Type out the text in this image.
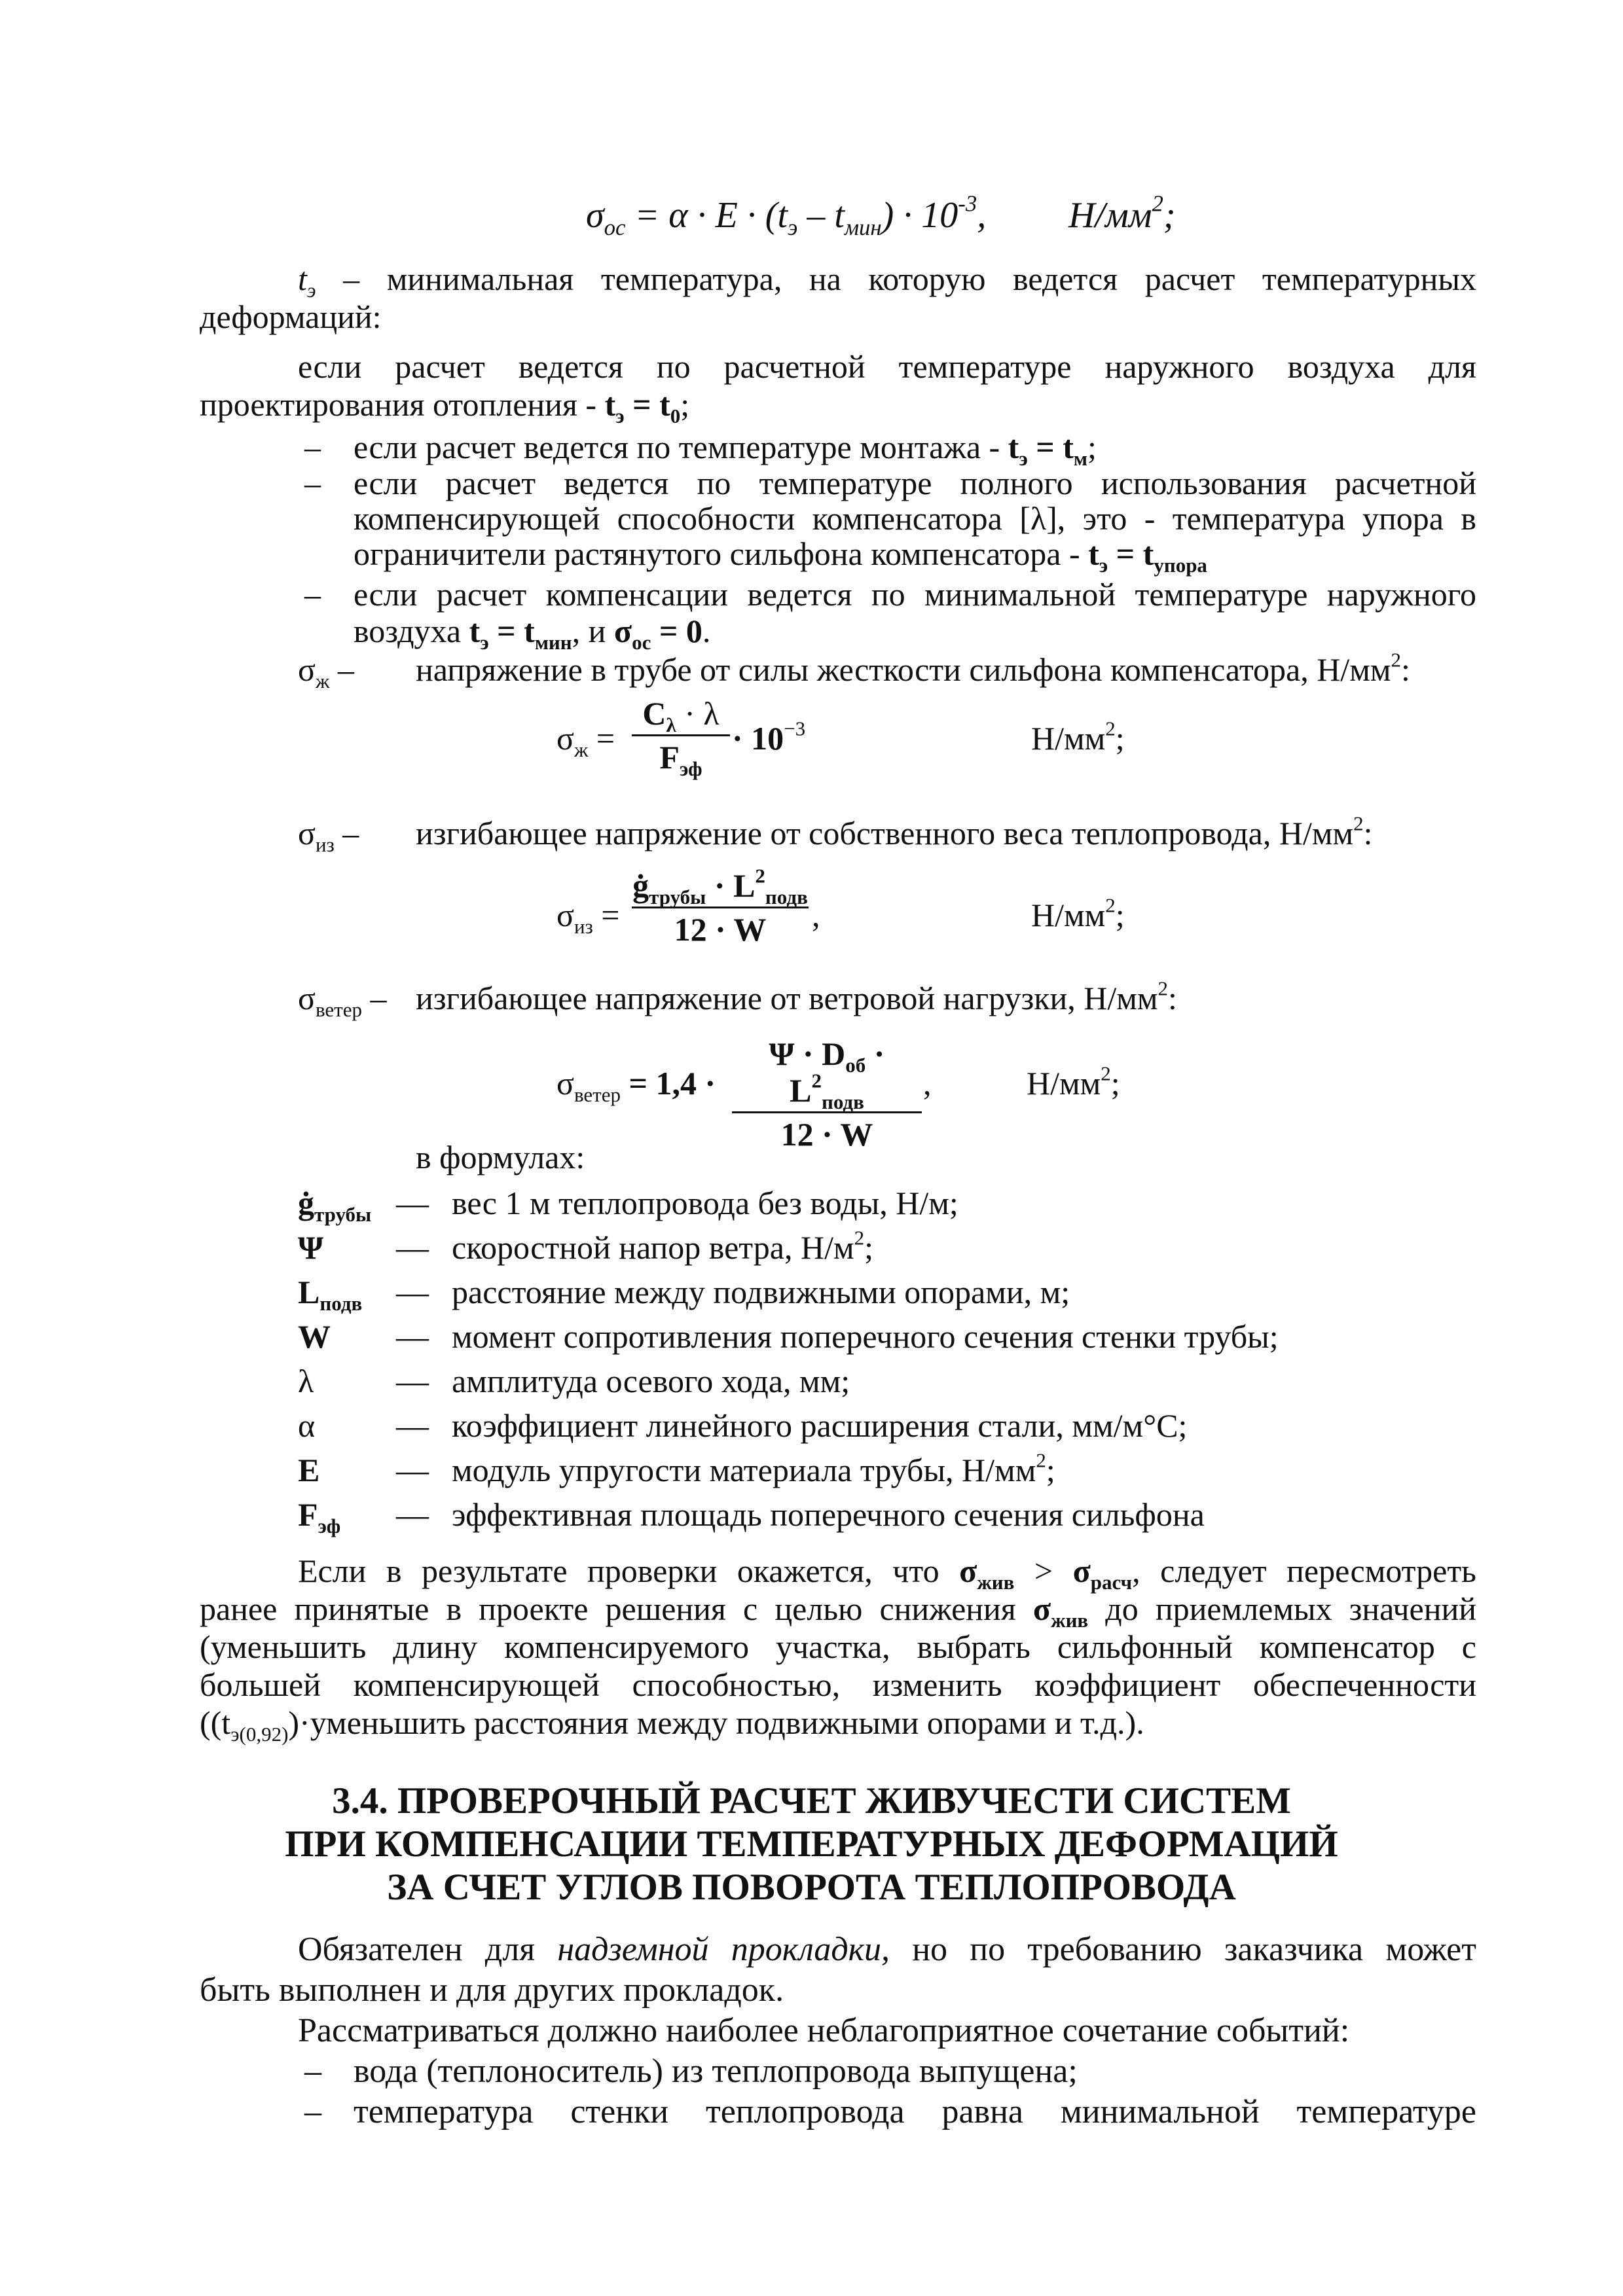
$\sigma_{ос} = \alpha \cdot E \cdot (t_э - t_{мин}) \cdot 10^{-3}$, $Н/мм^2$;
$t_э$ – минимальная температура, на которую ведется расчет температурных
деформаций:
если расчет ведется по расчетной температуре наружного воздуха для
проектирования отопления - $t_э = t_0$;
– если расчет ведется по температуре монтажа - $t_э = t_м$;
– если расчет ведется по температуре полного использования расчетной
компенсирующей способности компенсатора [λ], это - температура упора в
ограничители растянутого сильфона компенсатора - $t_э = t_{упора}$
– если расчет компенсации ведется по минимальной температуре наружного
воздуха $t_э = t_{мин}$, и $\sigma_{ос} = 0$.
$\sigma_ж$ – напряжение в трубе от силы жесткости сильфона компенсатора, $Н/мм^2$:
$\sigma_ж$ =
$C_\lambda \cdot \lambda$
$F_{эф}$
· $10^{-3}$	$Н/мм^2$;
$\sigma_{из}$ – изгибающее напряжение от собственного веса теплопровода, $Н/мм^2$:
$\sigma_{из}$ =
$ġ_{трубы} \cdot L^2_{подв}$
12 · W	,	$Н/мм^2$;
$\sigma_{ветер}$ – изгибающее напряжение от ветровой нагрузки, $Н/мм^2$:
$\sigma_{ветер} = 1,4$ ·
$\Psi \cdot D_{об} \cdot L^2_{подв}$
12 · W
,	$Н/мм^2$;
в формулах:
$ġ_{трубы}$ — вес 1 м теплопровода без воды, Н/м;
Ψ — скоростной напор ветра, $Н/м^2$;
$L_{подв}$ — расстояние между подвижными опорами, м;
W — момент сопротивления поперечного сечения стенки трубы;
λ	— амплитуда осевого хода, мм;
α — коэффициент линейного расширения стали, мм/м°С;
E — модуль упругости материала трубы, $Н/мм^2$;
$F_{эф}$ — эффективная площадь поперечного сечения сильфона
Если в результате проверки окажется, что $\sigma_{жив} > \sigma_{расч}$, следует пересмотреть
ранее принятые в проекте решения с целью снижения $\sigma_{жив}$ до приемлемых значений
(уменьшить длину компенсируемого участка, выбрать сильфонный компенсатор с
большей компенсирующей способностью, изменить коэффициент обеспеченности
($(t_{э(0,92)})\cdot уменьшить$ расстояния между подвижными опорами и т.д.).
3.4. ПРОВЕРОЧНЫЙ РАСЧЕТ ЖИВУЧЕСТИ СИСТЕМ
ПРИ КОМПЕНСАЦИИ ТЕМПЕРАТУРНЫХ ДЕФОРМАЦИЙ
ЗА СЧЕТ УГЛОВ ПОВОРОТА ТЕПЛОПРОВОДА
Обязателен для надземной прокладки, но по требованию заказчика может
быть выполнен и для других прокладок.
Рассматриваться должно наиболее неблагоприятное сочетание событий:
– вода (теплоноситель) из теплопровода выпущена;
– температура стенки теплопровода равна минимальной температуре
